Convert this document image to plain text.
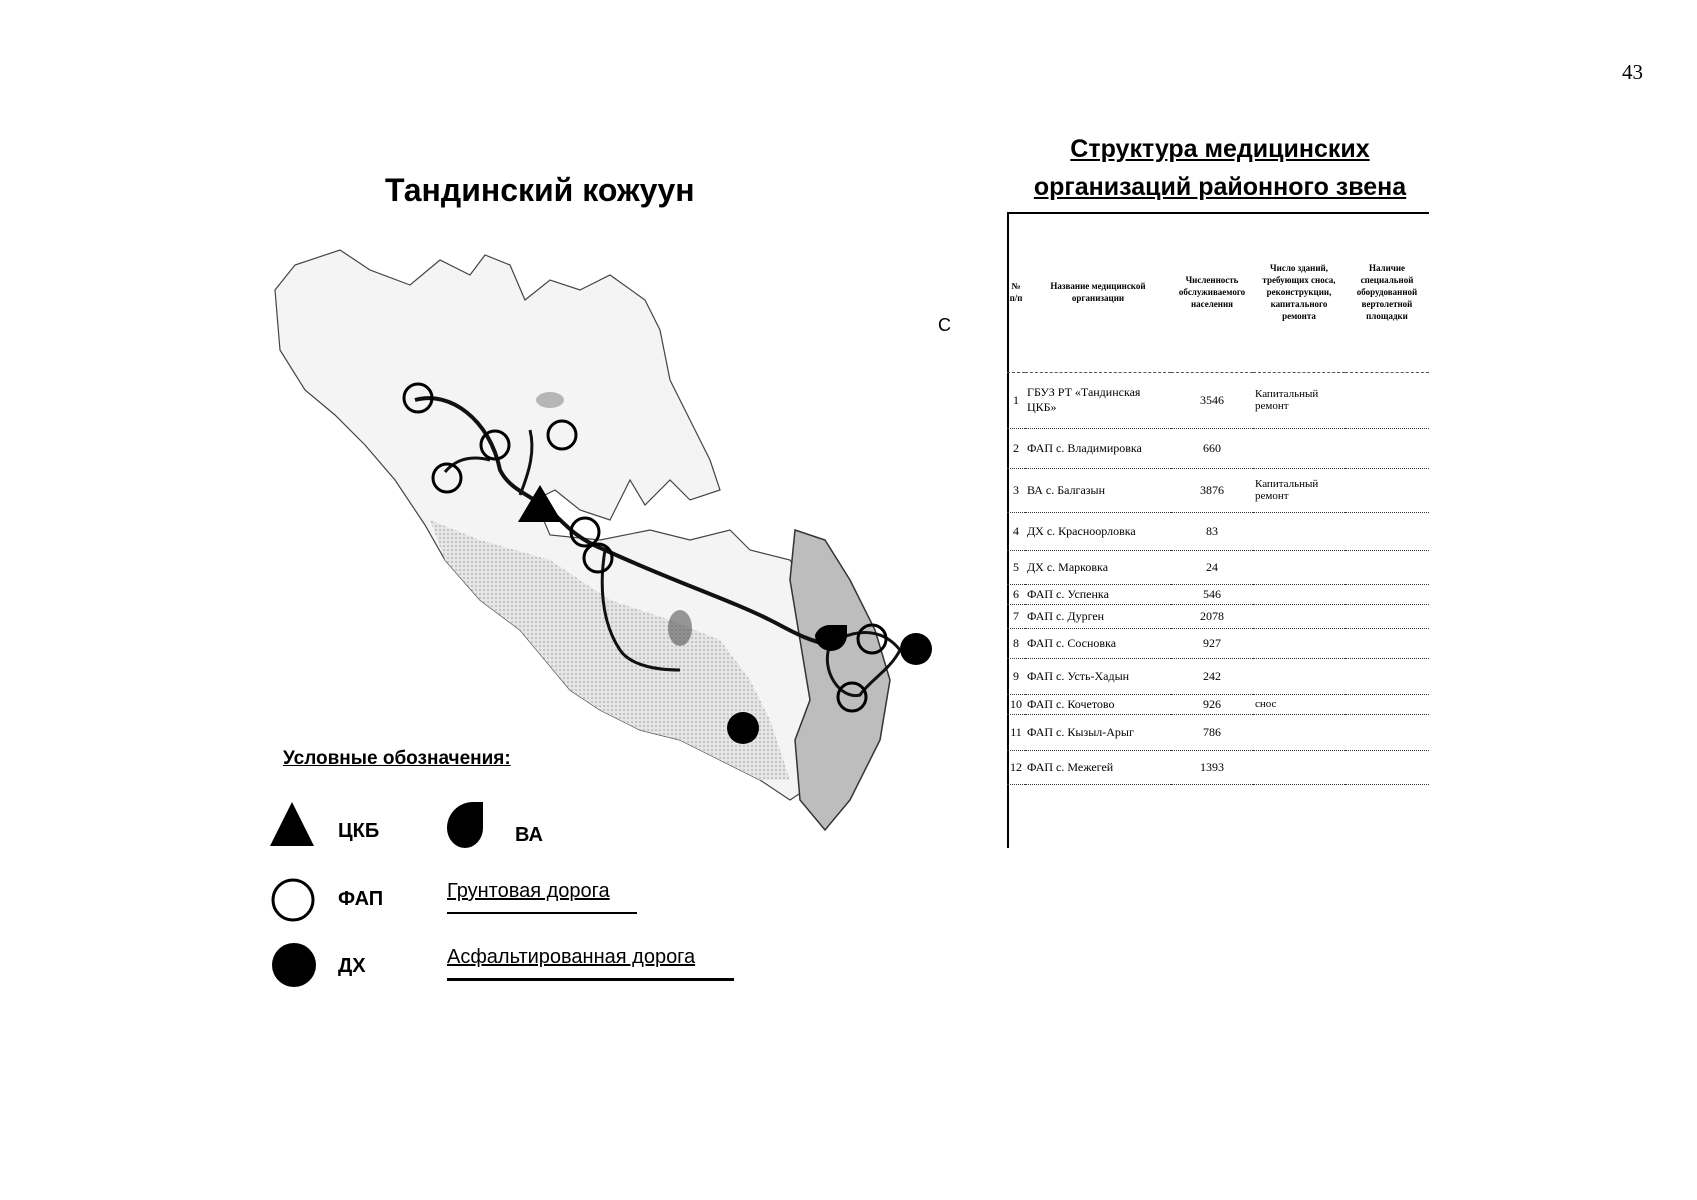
43
Тандинский кожуун
Структура медицинских
организаций районного звена
С
Условные обозначения:
ЦКБ	ВА
ФАП
ДХ
Грунтовая дорога
Асфальтированная дорога
№ п/п	Название медицинской организации	Численность обслуживаемого населения	Число зданий, требующих сноса, реконструкции, капитального ремонта	Наличие специальной оборудованной вертолетной площадки
1	ГБУЗ РТ «Тандинская ЦКБ»	3546	Капитальный ремонт	
2	ФАП с. Владимировка	660		
3	ВА с. Балгазын	3876	Капитальный ремонт	
4	ДХ с. Красноорловка	83		
5	ДХ с. Марковка	24		
6	ФАП с. Успенка	546		
7	ФАП с. Дурген	2078		
8	ФАП с. Сосновка	927		
9	ФАП с. Усть-Хадын	242		
10	ФАП с. Кочетово	926	снос	
11	ФАП с. Кызыл-Арыг	786		
12	ФАП с. Межегей	1393		
